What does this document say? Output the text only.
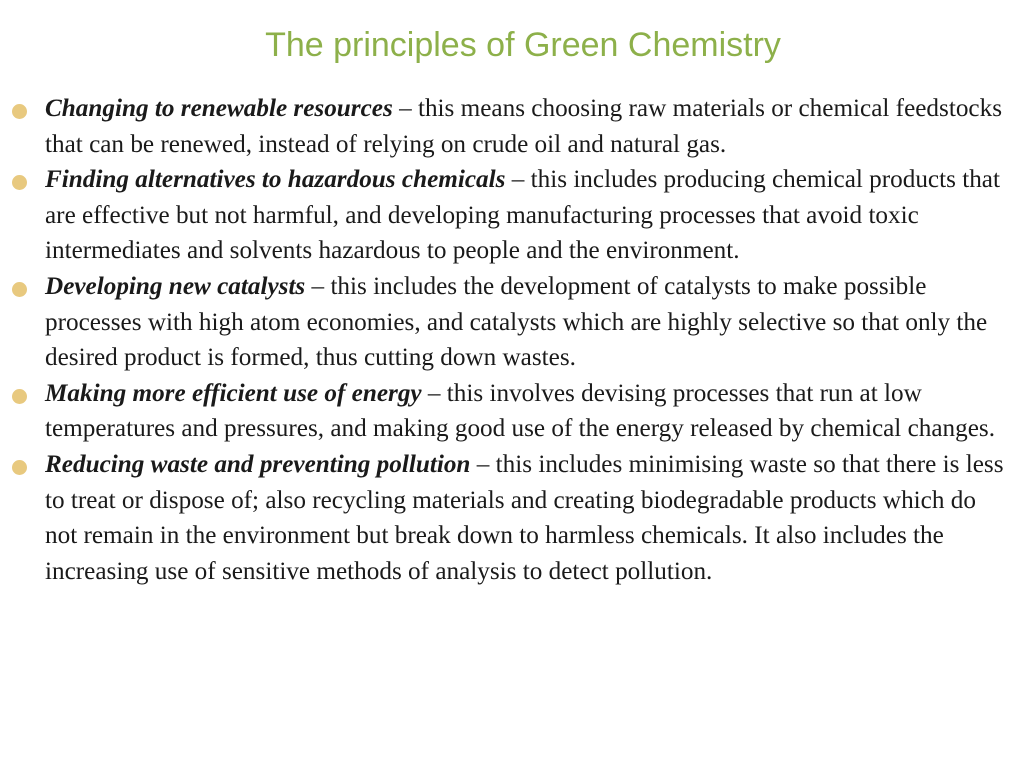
The principles of Green Chemistry
Changing to renewable resources – this means choosing raw materials or chemical feedstocks that can be renewed, instead of relying on crude oil and natural gas.
Finding alternatives to hazardous chemicals – this includes producing chemical products that are effective but not harmful, and developing manufacturing processes that avoid toxic intermediates and solvents hazardous to people and the environment.
Developing new catalysts – this includes the development of catalysts to make possible processes with high atom economies, and catalysts which are highly selective so that only the desired product is formed, thus cutting down wastes.
Making more efficient use of energy – this involves devising processes that run at low temperatures and pressures, and making good use of the energy released by chemical changes.
Reducing waste and preventing pollution – this includes minimising waste so that there is less to treat or dispose of; also recycling materials and creating biodegradable products which do not remain in the environment but break down to harmless chemicals. It also includes the increasing use of sensitive methods of analysis to detect pollution.
